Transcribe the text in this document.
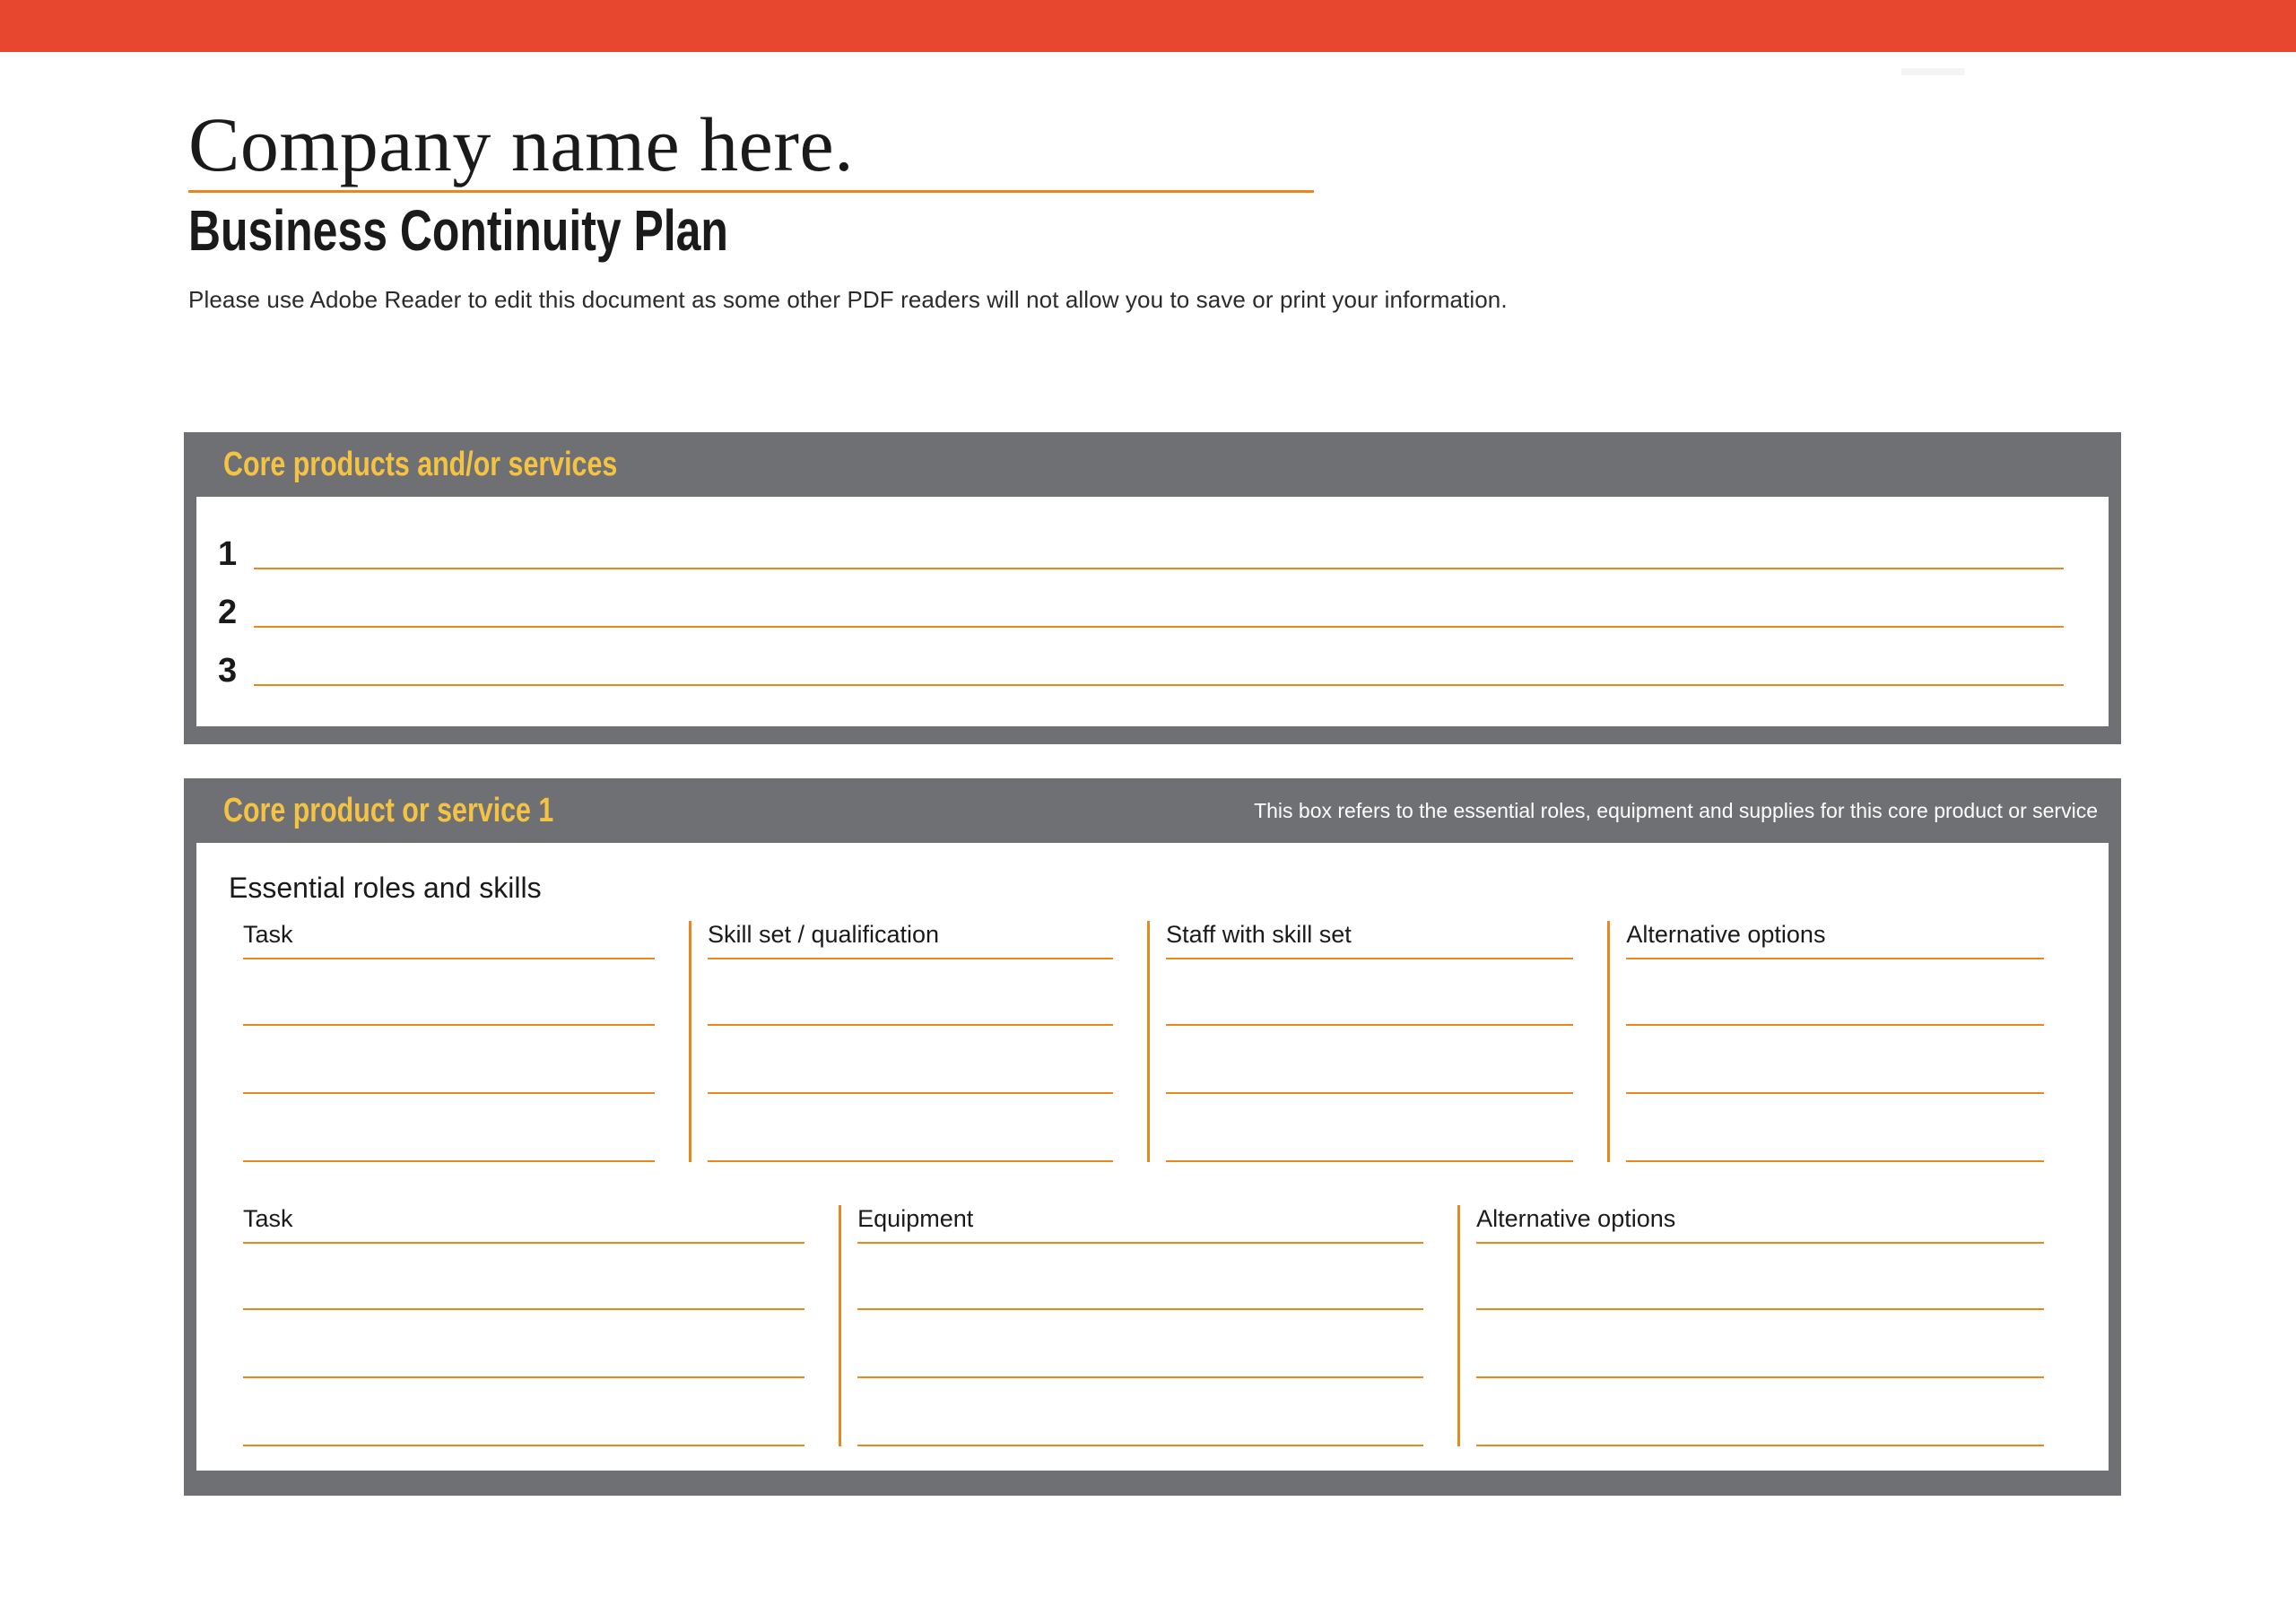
Company name here.
Business Continuity Plan
Please use Adobe Reader to edit this document as some other PDF readers will not allow you to save or print your information.
Core products and/or services
1
2
3
Core product or service 1	This box refers to the essential roles, equipment and supplies for this core product or service
Essential roles and skills
Task	Skill set / qualification	Staff with skill set	Alternative options
Task	Equipment	Alternative options
